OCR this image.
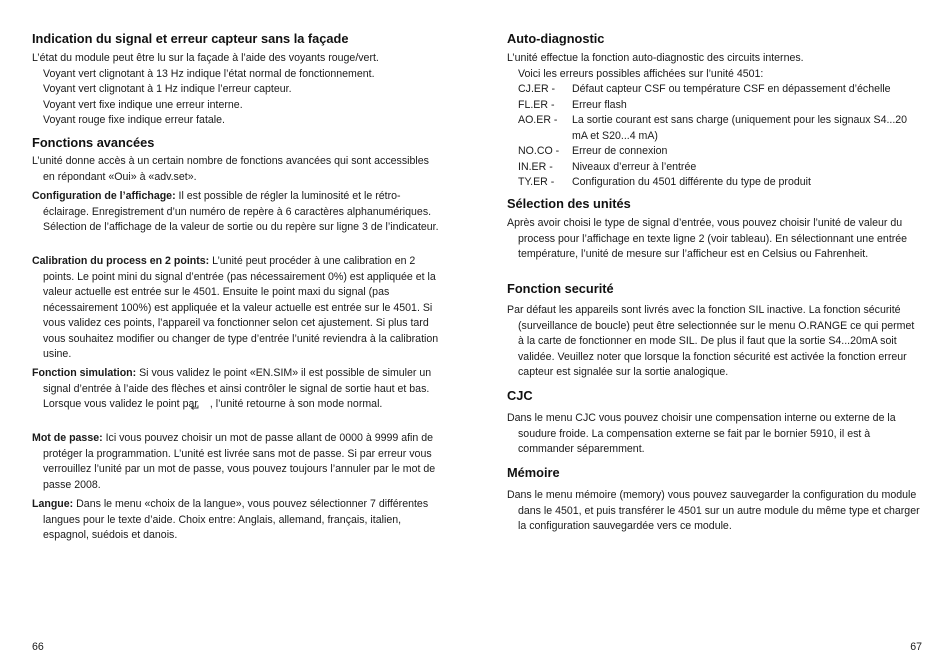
Indication du signal et erreur capteur sans la façade

L’état du module peut être lu sur la façade à l’aide des voyants rouge/vert.

Voyant vert clignotant à 13 Hz indique l’état normal de fonctionnement.

Voyant vert clignotant à 1 Hz indique l’erreur capteur.

Voyant vert fixe indique une erreur interne.

Voyant rouge fixe indique erreur fatale.

Fonctions avancées

L’unité donne accès à un certain nombre de fonctions avancées qui sont accessibles en répondant «Oui» à «adv.set».

Configuration de l’affichage: Il est possible de régler la luminosité et le rétro-éclairage. Enregistrement d’un numéro de repère à 6 caractères alphanumériques. Sélection de l’affichage de la valeur de sortie ou du repère sur ligne 3 de l’indicateur.

Calibration du process en 2 points: L’unité peut procéder à une calibration en 2 points. Le point mini du signal d’entrée (pas nécessairement 0%) est appliquée et la valeur actuelle est entrée sur le 4501. Ensuite le point maxi du signal (pas nécessairement 100%) est appliquée et la valeur actuelle est entrée sur le 4501. Si vous validez ces points, l’appareil va fonctionner selon cet ajustement. Si plus tard vous souhaitez modifier ou changer de type d’entrée l’unité reviendra à la calibration usine.

Fonction simulation: Si vous validez le point «EN.SIM» il est possible de simuler un signal d’entrée à l’aide des flèches et ainsi contrôler le signal de sortie haut et bas. Lorsque vous validez le point par , l’unité retourne à son mode normal.

Mot de passe: Ici vous pouvez choisir un mot de passe allant de 0000 à 9999 afin de protéger la programmation. L’unité est livrée sans mot de passe. Si par erreur vous verrouillez l’unité par un mot de passe, vous pouvez toujours l’annuler par le mot de passe 2008.

Langue: Dans le menu «choix de la langue», vous pouvez sélectionner 7 différentes langues pour le texte d’aide. Choix entre: Anglais, allemand, français, italien, espagnol, suédois et danois.

66
Auto-diagnostic

L’unité effectue la fonction auto-diagnostic des circuits internes.

Voici les erreurs possibles affichées sur l’unité 4501:

CJ.ER -	Défaut capteur CSF ou température CSF en dépassement d’échelle
FL.ER -	Erreur flash
AO.ER -	La sortie courant est sans charge (uniquement pour les signaux S4...20 mA et S20...4 mA)
NO.CO -	Erreur de connexion
IN.ER -	Niveaux d’erreur à l’entrée
TY.ER -	Configuration du 4501 différente du type de produit
Sélection des unités

Après avoir choisi le type de signal d’entrée, vous pouvez choisir l’unité de valeur du process pour l’affichage en texte ligne 2 (voir tableau). En sélectionnant une entrée température, l’unité de mesure sur l’afficheur est en Celsius ou Fahrenheit.

Fonction securité

Par défaut les appareils sont livrés avec la fonction SIL inactive. La fonction sécurité (surveillance de boucle) peut être selectionnée sur le menu O.RANGE ce qui permet à la carte de fonctionner en mode SIL. De plus il faut que la sortie S4...20mA soit validée. Veuillez noter que lorsque la fonction sécurité est activée la fonction erreur capteur est signalée sur la sortie analogique.

CJC

Dans le menu CJC vous pouvez choisir une compensation interne ou externe de la soudure froide. La compensation externe se fait par le bornier 5910, il est à commander séparemment.

Mémoire

Dans le menu mémoire (memory) vous pouvez sauvegarder la configuration du module dans le 4501, et puis transférer le 4501 sur un autre module du même type et charger la configuration sauvegardée vers ce module.

67
